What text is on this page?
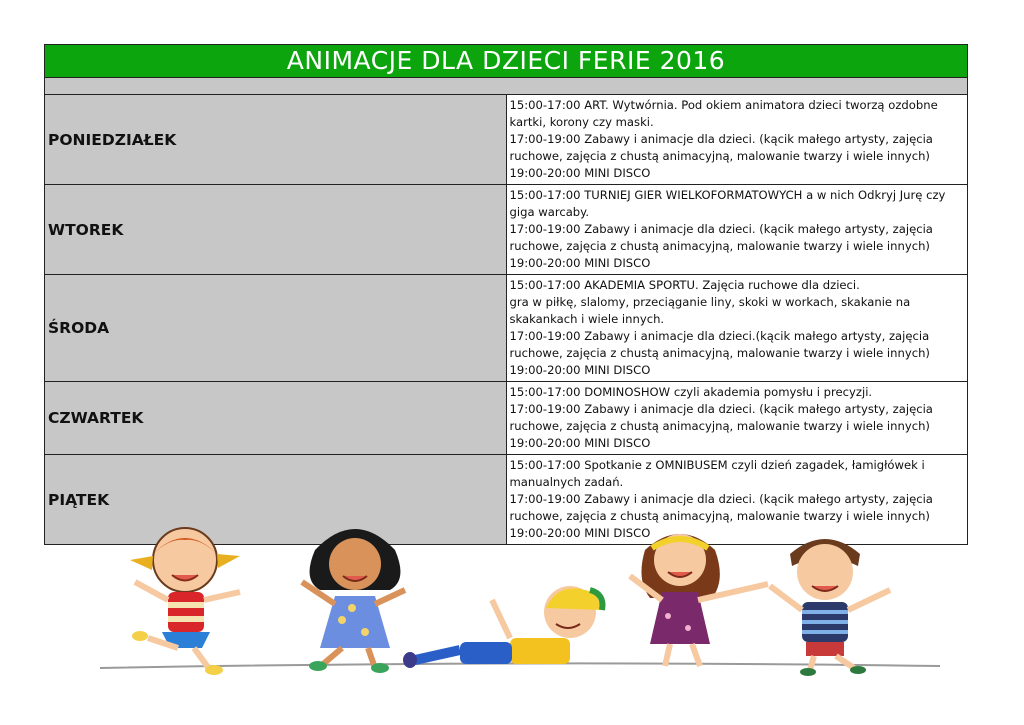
ANIMACJE DLA DZIECI FERIE 2016	

PONIEDZIAŁEK	15:00-17:00 ART. Wytwórnia. Pod okiem animatora dzieci tworzą ozdobne kartki, korony czy maski.
17:00-19:00 Zabawy i animacje dla dzieci. (kącik małego artysty, zajęcia ruchowe, zajęcia z chustą animacyjną, malowanie twarzy i wiele innych)
19:00-20:00 MINI DISCO

WTOREK	15:00-17:00 TURNIEJ GIER WIELKOFORMATOWYCH a w nich Odkryj Jurę czy giga warcaby.
17:00-19:00 Zabawy i animacje dla dzieci. (kącik małego artysty, zajęcia ruchowe, zajęcia z chustą animacyjną, malowanie twarzy i wiele innych)
19:00-20:00 MINI DISCO

ŚRODA	15:00-17:00 AKADEMIA SPORTU. Zajęcia ruchowe dla dzieci.
gra w piłkę, slalomy, przeciąganie liny, skoki w workach, skakanie na skakankach i wiele innych.
17:00-19:00 Zabawy i animacje dla dzieci.(kącik małego artysty, zajęcia ruchowe, zajęcia z chustą animacyjną, malowanie twarzy i wiele innych)
19:00-20:00 MINI DISCO

CZWARTEK	15:00-17:00 DOMINOSHOW czyli akademia pomysłu i precyzji.
17:00-19:00 Zabawy i animacje dla dzieci. (kącik małego artysty, zajęcia ruchowe, zajęcia z chustą animacyjną, malowanie twarzy i wiele innych)
19:00-20:00 MINI DISCO

PIĄTEK	15:00-17:00 Spotkanie z OMNIBUSEM czyli dzień zagadek, łamigłówek i manualnych zadań.
17:00-19:00 Zabawy i animacje dla dzieci. (kącik małego artysty, zajęcia ruchowe, zajęcia z chustą animacyjną, malowanie twarzy i wiele innych)
19:00-20:00 MINI DISCO
